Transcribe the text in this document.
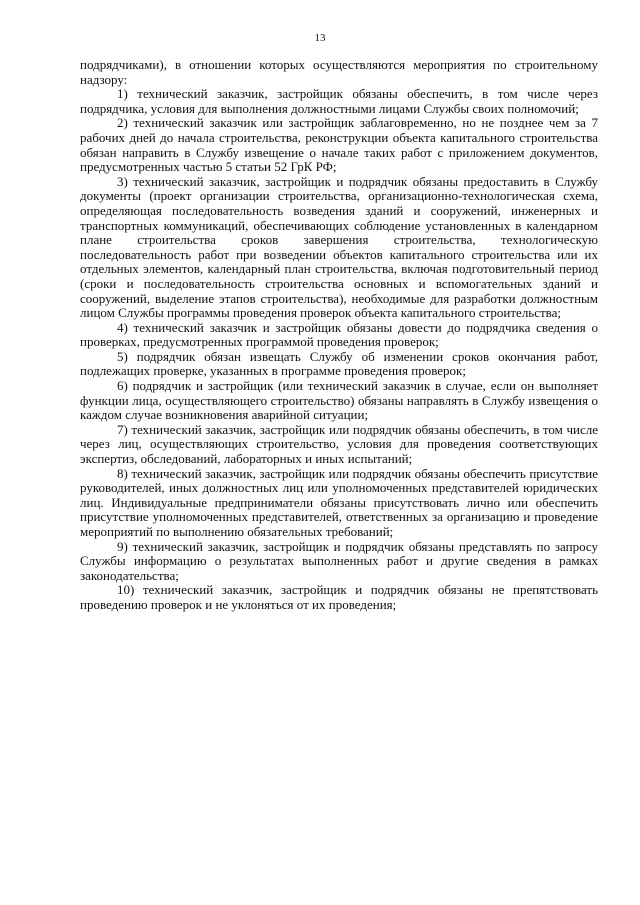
13

подрядчиками), в отношении которых осуществляются мероприятия по строительному надзору:

1) технический заказчик, застройщик обязаны обеспечить, в том числе через подрядчика, условия для выполнения должностными лицами Службы своих полномочий;

2) технический заказчик или застройщик заблаговременно, но не позднее чем за 7 рабочих дней до начала строительства, реконструкции объекта капитального строительства обязан направить в Службу извещение о начале таких работ с приложением документов, предусмотренных частью 5 статьи 52 ГрК РФ;

3) технический заказчик, застройщик и подрядчик обязаны предоставить в Службу документы (проект организации строительства, организационно-технологическая схема, определяющая последовательность возведения зданий и сооружений, инженерных и транспортных коммуникаций, обеспечивающих соблюдение установленных в календарном плане строительства сроков завершения строительства, технологическую последовательность работ при возведении объектов капитального строительства или их отдельных элементов, календарный план строительства, включая подготовительный период (сроки и последовательность строительства основных и вспомогательных зданий и сооружений, выделение этапов строительства), необходимые для разработки должностным лицом Службы программы проведения проверок объекта капитального строительства;

4) технический заказчик и застройщик обязаны довести до подрядчика сведения о проверках, предусмотренных программой проведения проверок;

5) подрядчик обязан извещать Службу об изменении сроков окончания работ, подлежащих проверке, указанных в программе проведения проверок;

6) подрядчик и застройщик (или технический заказчик в случае, если он выполняет функции лица, осуществляющего строительство) обязаны направлять в Службу извещения о каждом случае возникновения аварийной ситуации;

7) технический заказчик, застройщик или подрядчик обязаны обеспечить, в том числе через лиц, осуществляющих строительство, условия для проведения соответствующих экспертиз, обследований, лабораторных и иных испытаний;

8) технический заказчик, застройщик или подрядчик обязаны обеспечить присутствие руководителей, иных должностных лиц или уполномоченных представителей юридических лиц. Индивидуальные предприниматели обязаны присутствовать лично или обеспечить присутствие уполномоченных представителей, ответственных за организацию и проведение мероприятий по выполнению обязательных требований;

9) технический заказчик, застройщик и подрядчик обязаны представлять по запросу Службы информацию о результатах выполненных работ и другие сведения в рамках законодательства;

10) технический заказчик, застройщик и подрядчик обязаны не препятствовать проведению проверок и не уклоняться от их проведения;
